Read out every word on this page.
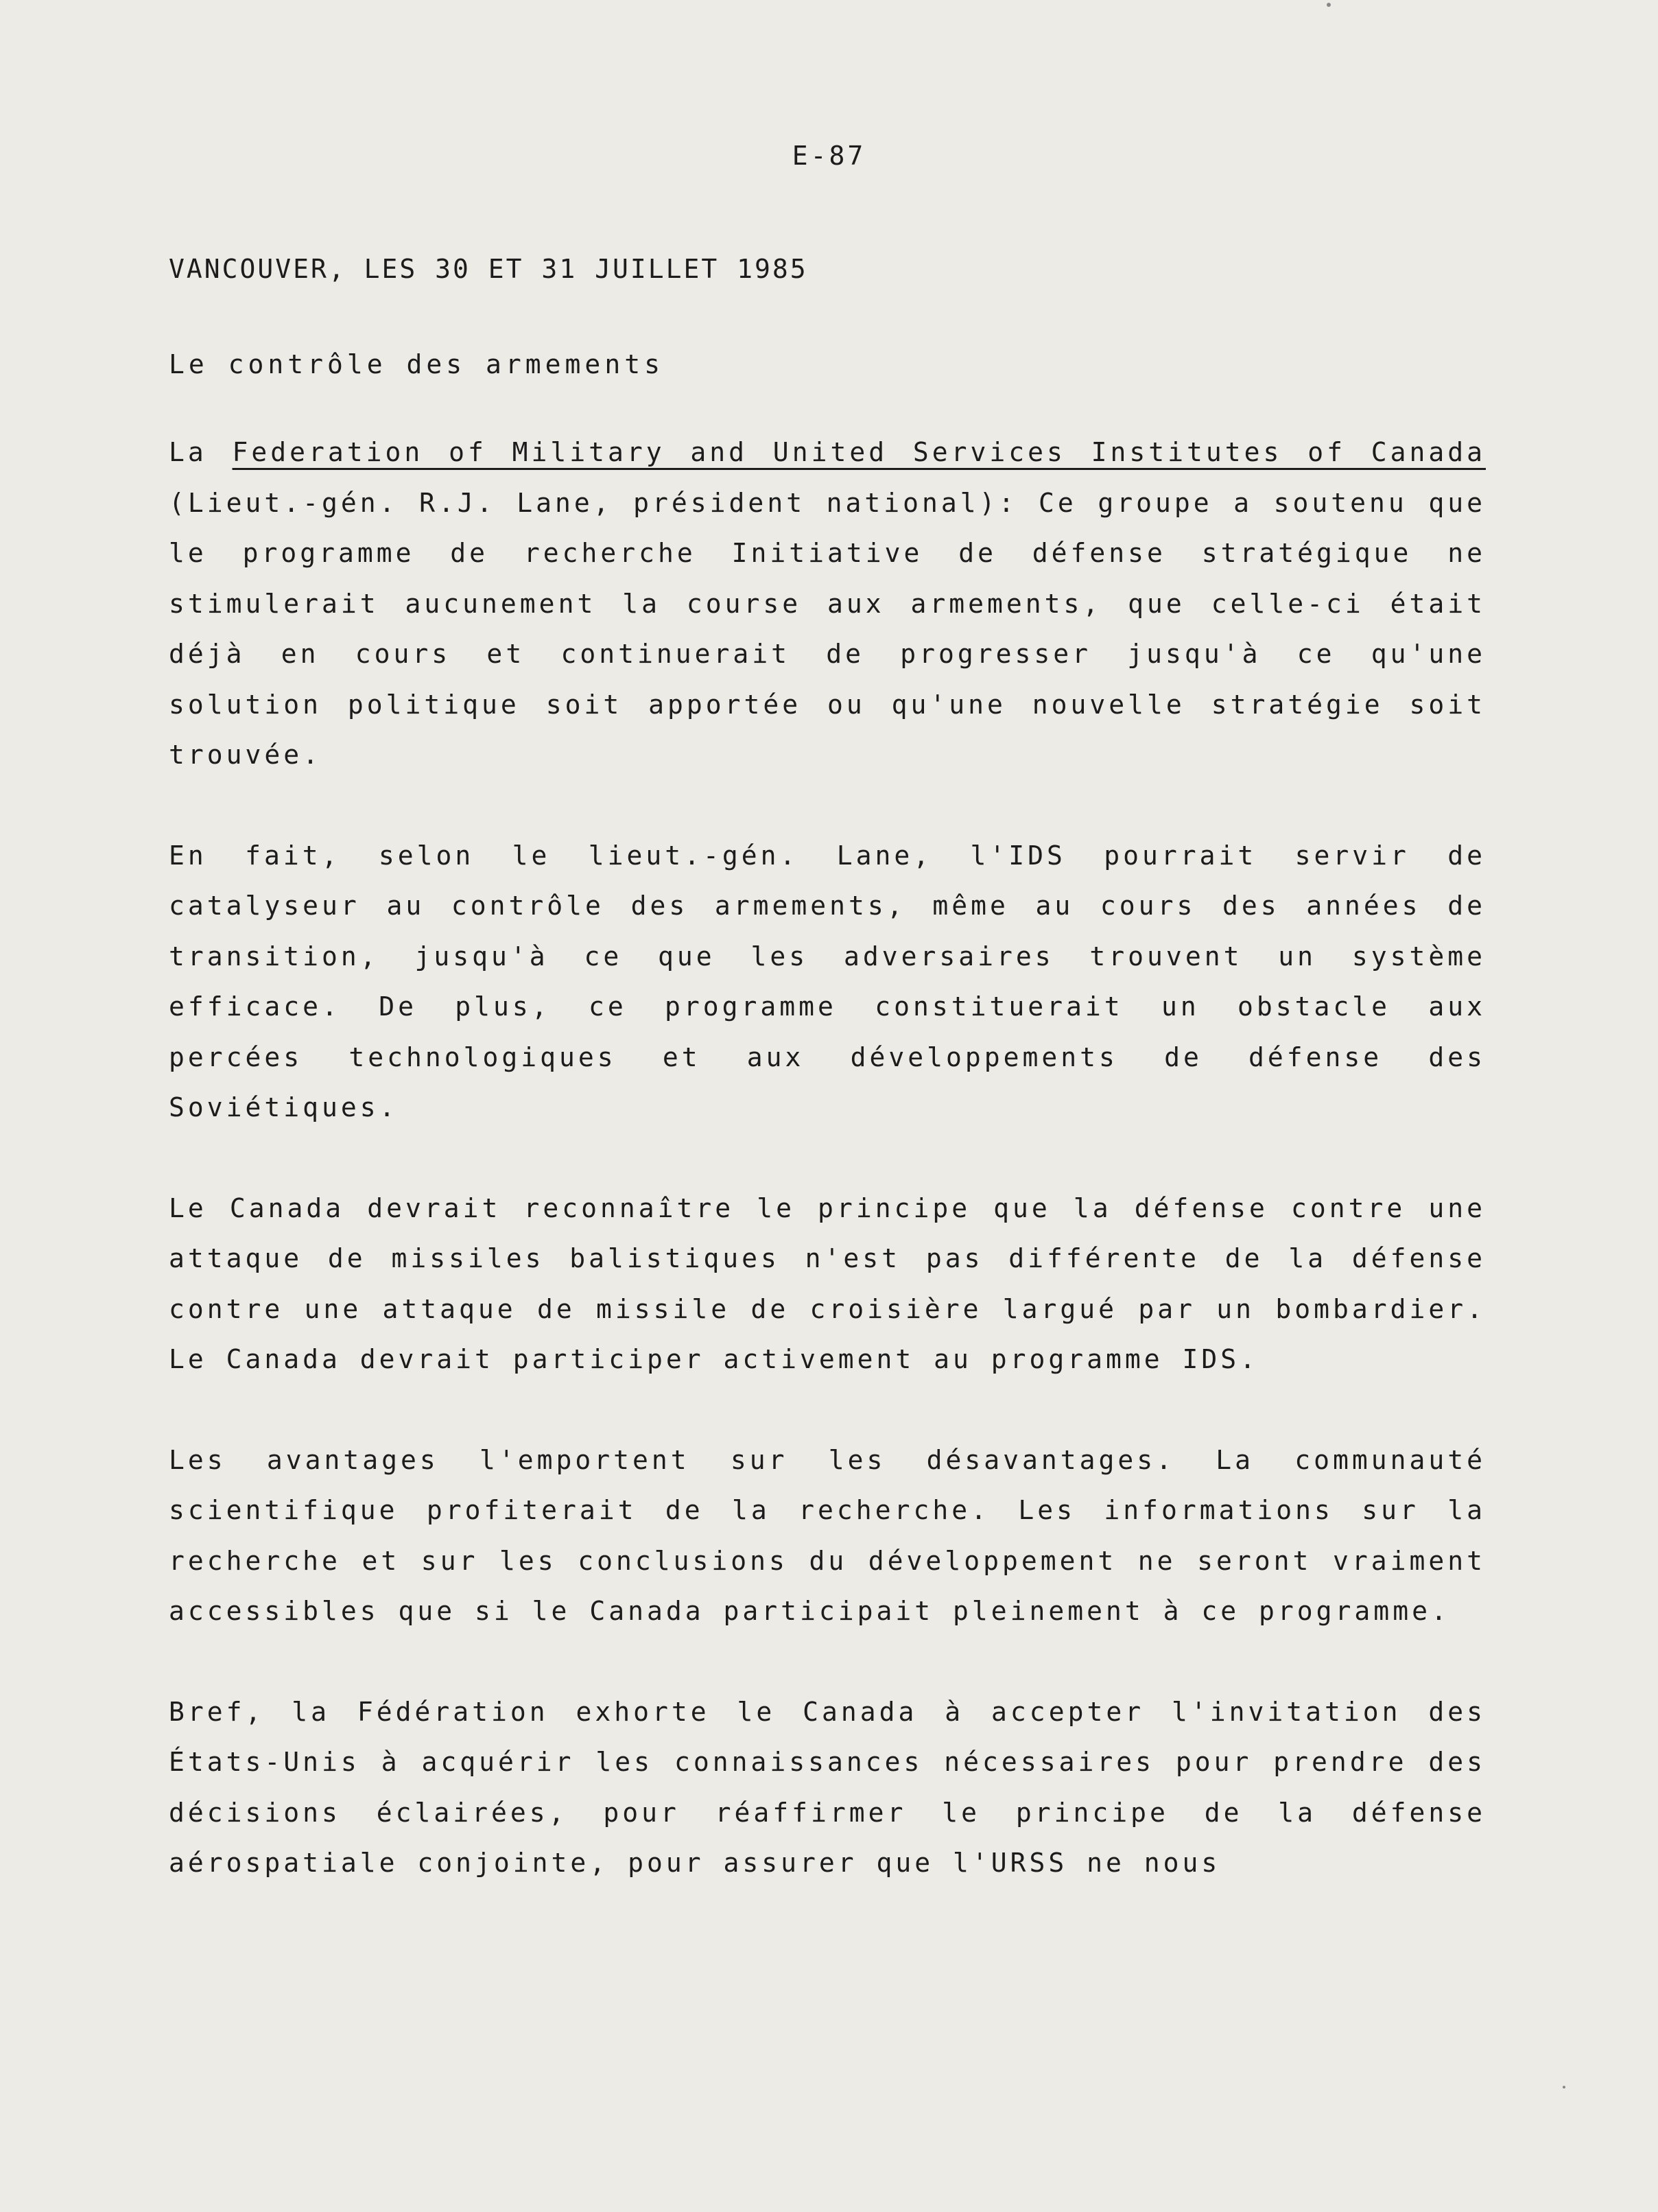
E-87
VANCOUVER, LES 30 ET 31 JUILLET 1985
Le contrôle des armements

La Federation of Military and United Services Institutes of Canada (Lieut.-gén. R.J. Lane, président national): Ce groupe a soutenu que le programme de recherche Initiative de défense stratégique ne stimulerait aucunement la course aux armements, que celle-ci était déjà en cours et continuerait de progresser jusqu'à ce qu'une solution politique soit apportée ou qu'une nouvelle stratégie soit trouvée.

En fait, selon le lieut.-gén. Lane, l'IDS pourrait servir de catalyseur au contrôle des armements, même au cours des années de transition, jusqu'à ce que les adversaires trouvent un système efficace. De plus, ce programme constituerait un obstacle aux percées technologiques et aux développements de défense des Soviétiques.

Le Canada devrait reconnaître le principe que la défense contre une attaque de missiles balistiques n'est pas différente de la défense contre une attaque de missile de croisière largué par un bombardier. Le Canada devrait participer activement au programme IDS.

Les avantages l'emportent sur les désavantages. La communauté scientifique profiterait de la recherche. Les informations sur la recherche et sur les conclusions du développement ne seront vraiment accessibles que si le Canada participait pleinement à ce programme.

Bref, la Fédération exhorte le Canada à accepter l'invitation des États-Unis à acquérir les connaissances nécessaires pour prendre des décisions éclairées, pour réaffirmer le principe de la défense aérospatiale conjointe, pour assurer que l'URSS ne nous
